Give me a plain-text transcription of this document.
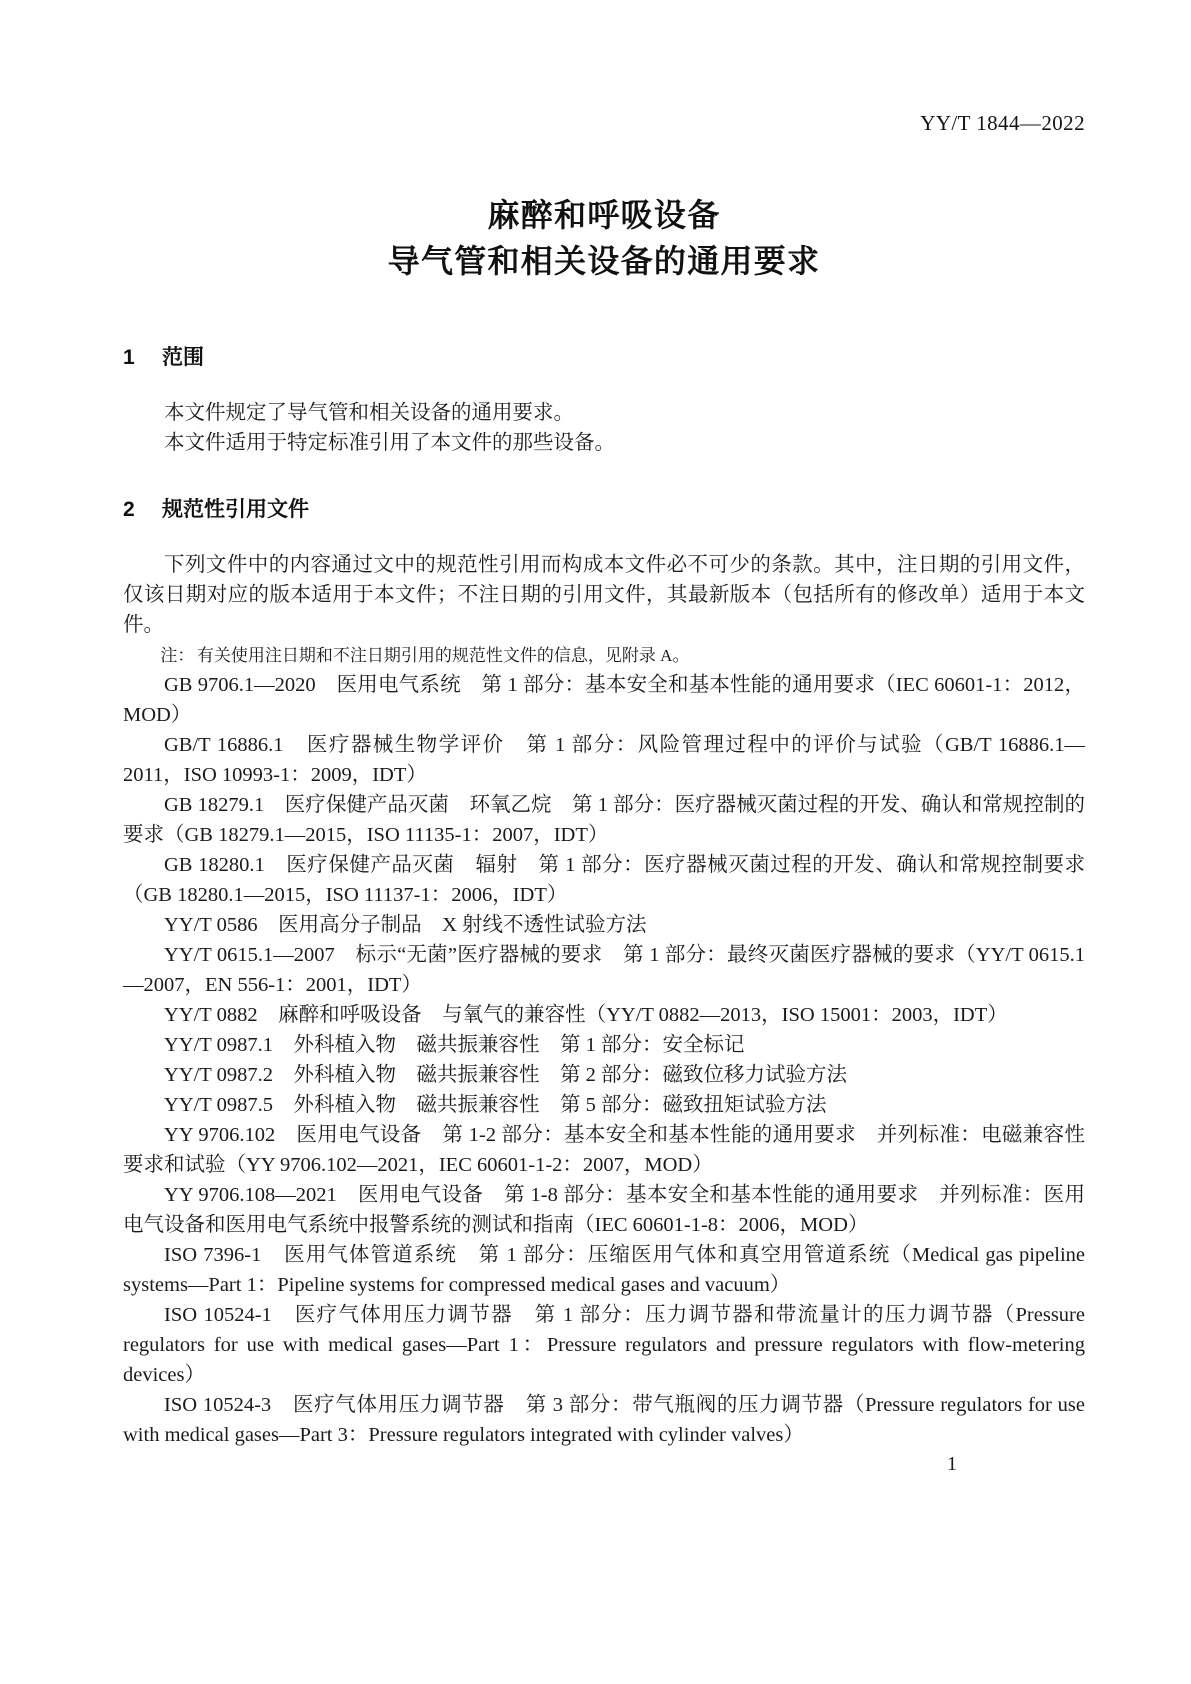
YY/T 1844—2022
麻醉和呼吸设备
导气管和相关设备的通用要求
1 范围

本文件规定了导气管和相关设备的通用要求。

本文件适用于特定标准引用了本文件的那些设备。

2 规范性引用文件

下列文件中的内容通过文中的规范性引用而构成本文件必不可少的条款。其中，注日期的引用文件，仅该日期对应的版本适用于本文件；不注日期的引用文件，其最新版本（包括所有的修改单）适用于本文件。

注： 有关使用注日期和不注日期引用的规范性文件的信息，见附录 A。

GB 9706.1—2020　医用电气系统　第 1 部分：基本安全和基本性能的通用要求（IEC 60601-1：2012，MOD）

GB/T 16886.1　医疗器械生物学评价　第 1 部分：风险管理过程中的评价与试验（GB/T 16886.1—2011，ISO 10993-1：2009，IDT）

GB 18279.1　医疗保健产品灭菌　环氧乙烷　第 1 部分：医疗器械灭菌过程的开发、确认和常规控制的要求（GB 18279.1—2015，ISO 11135-1：2007，IDT）

GB 18280.1　医疗保健产品灭菌　辐射　第 1 部分：医疗器械灭菌过程的开发、确认和常规控制要求（GB 18280.1—2015，ISO 11137-1：2006，IDT）

YY/T 0586　医用高分子制品　X 射线不透性试验方法

YY/T 0615.1—2007　标示“无菌”医疗器械的要求　第 1 部分：最终灭菌医疗器械的要求（YY/T 0615.1—2007，EN 556-1：2001，IDT）

YY/T 0882　麻醉和呼吸设备　与氧气的兼容性（YY/T 0882—2013，ISO 15001：2003，IDT）

YY/T 0987.1　外科植入物　磁共振兼容性　第 1 部分：安全标记

YY/T 0987.2　外科植入物　磁共振兼容性　第 2 部分：磁致位移力试验方法

YY/T 0987.5　外科植入物　磁共振兼容性　第 5 部分：磁致扭矩试验方法

YY 9706.102　医用电气设备　第 1-2 部分：基本安全和基本性能的通用要求　并列标准：电磁兼容性　要求和试验（YY 9706.102—2021，IEC 60601-1-2：2007，MOD）

YY 9706.108—2021　医用电气设备　第 1-8 部分：基本安全和基本性能的通用要求　并列标准：医用电气设备和医用电气系统中报警系统的测试和指南（IEC 60601-1-8：2006，MOD）

ISO 7396-1　医用气体管道系统　第 1 部分：压缩医用气体和真空用管道系统（Medical gas pipeline systems—Part 1：Pipeline systems for compressed medical gases and vacuum）

ISO 10524-1　医疗气体用压力调节器　第 1 部分：压力调节器和带流量计的压力调节器（Pressure regulators for use with medical gases—Part 1：Pressure regulators and pressure regulators with flow-metering devices）

ISO 10524-3　医疗气体用压力调节器　第 3 部分：带气瓶阀的压力调节器（Pressure regulators for use with medical gases—Part 3：Pressure regulators integrated with cylinder valves）

1
